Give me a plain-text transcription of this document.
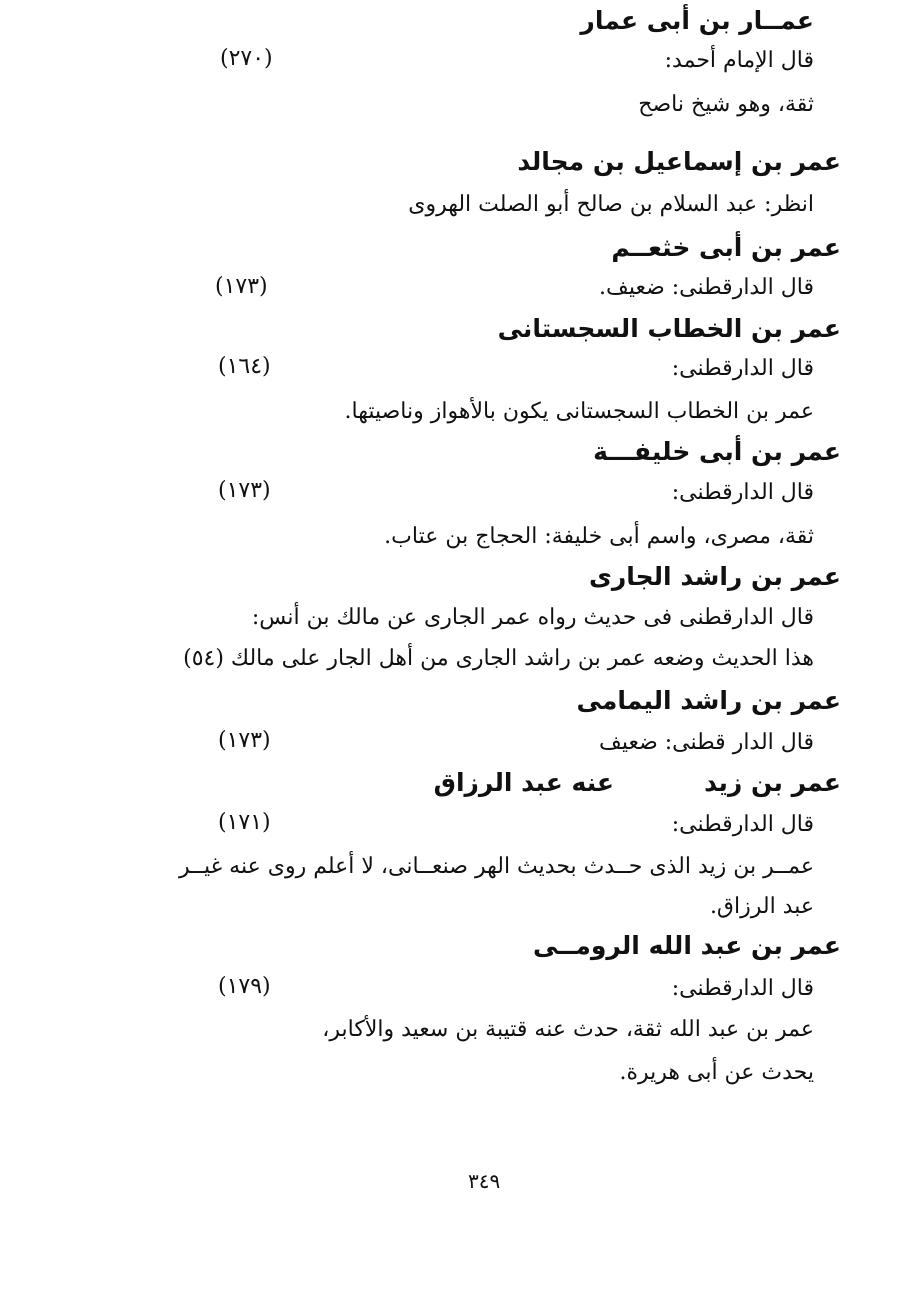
عمــار بن أبى عمار
قال الإمام أحمد:
(٢٧٠)
ثقة، وهو شيخ ناصح
عمر بن إسماعيل بن مجالد
انظر: عبد السلام بن صالح أبو الصلت الهروى
عمر بن أبى خثعــم
(١٧٣)	قال الدارقطنى: ضعيف.
عمر بن الخطاب السجستانى
(١٦٤)	قال الدارقطنى:
عمر بن الخطاب السجستانى يكون بالأهواز وناصيتها.
عمر بن أبى خليفـــة
(١٧٣)	قال الدارقطنى:
ثقة، مصرى، واسم أبى خليفة: الحجاج بن عتاب.
عمر بن راشد الجارى
قال الدارقطنى فى حديث رواه عمر الجارى عن مالك بن أنس:
هذا الحديث وضعه عمر بن راشد الجارى من أهل الجار على مالك (٥٤)
عمر بن راشد اليمامى
(١٧٣)	قال الدار قطنى: ضعيف
عمر بن زيد
عنه عبد الرزاق
(١٧١)	قال الدارقطنى:
عمــر بن زيد الذى حــدث بحديث الهر صنعــانى، لا أعلم روى عنه غيــر
عبد الرزاق.
عمر بن عبد الله الرومــى
(١٧٩)	قال الدارقطنى:
عمر بن عبد الله ثقة، حدث عنه قتيبة بن سعيد والأكابر،
يحدث عن أبى هريرة.
٣٤٩
